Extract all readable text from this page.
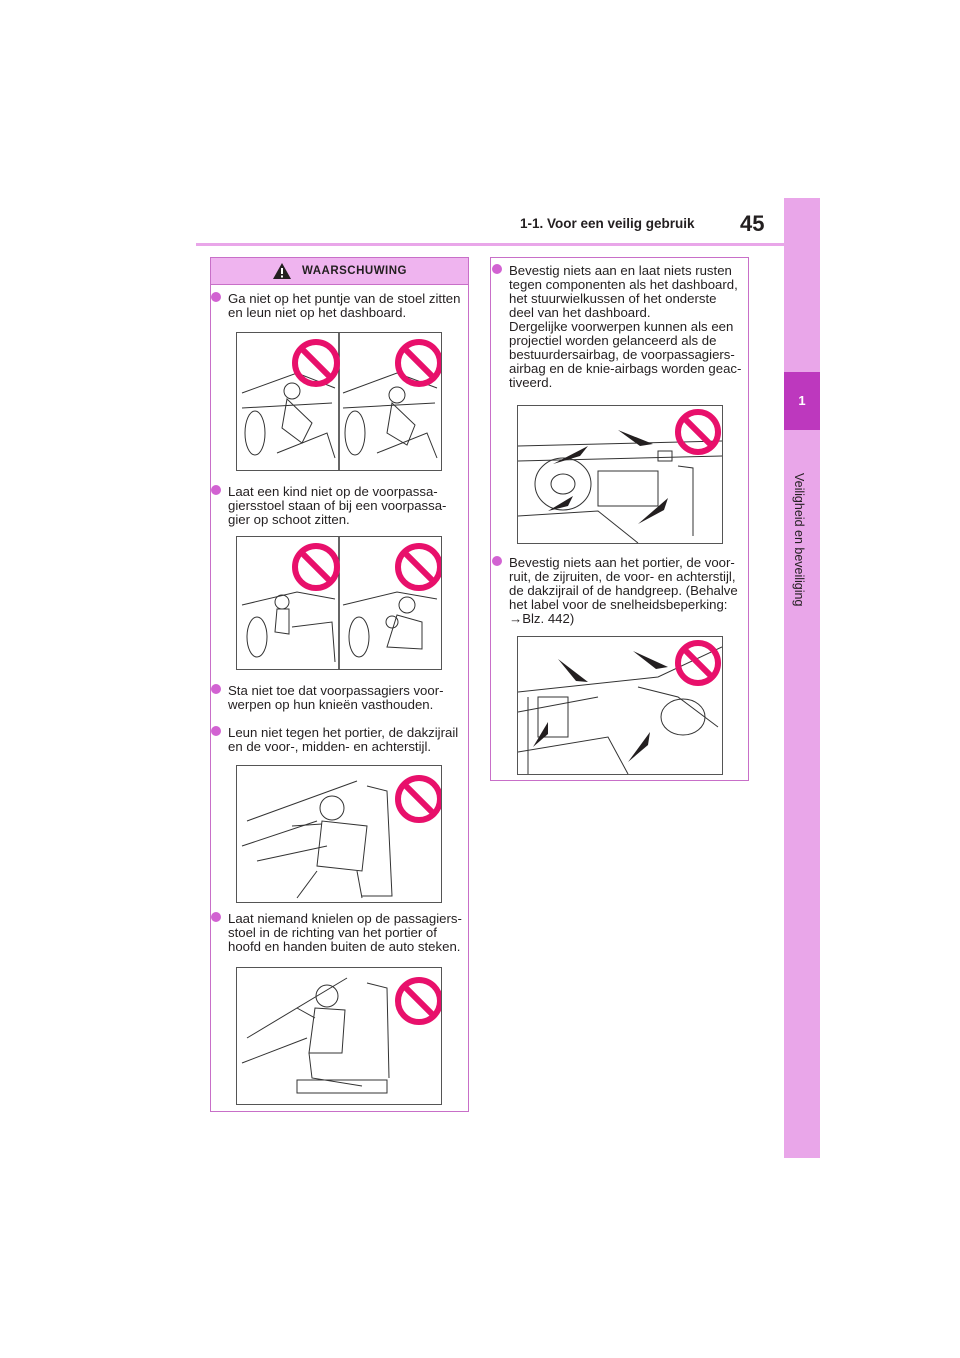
1-1. Voor een veilig gebruik 45
1
Veiligheid en beveiliging
WAARSCHUWING
Ga niet op het puntje van de stoel zitten
en leun niet op het dashboard.
Laat een kind niet op de voorpassa-
giersstoel staan of bij een voorpassa-
gier op schoot zitten.
Sta niet toe dat voorpassagiers voor-
werpen op hun knieën vasthouden.
Leun niet tegen het portier, de dakzijrail
en de voor-, midden- en achterstijl.
Laat niemand knielen op de passagiers-
stoel in de richting van het portier of
hoofd en handen buiten de auto steken.
Bevestig niets aan en laat niets rusten
tegen componenten als het dashboard,
het stuurwielkussen of het onderste
deel van het dashboard.
Dergelijke voorwerpen kunnen als een
projectiel worden gelanceerd als de
bestuurdersairbag, de voorpassagiers-
airbag en de knie-airbags worden geac-
tiveerd.
Bevestig niets aan het portier, de voor-
ruit, de zijruiten, de voor- en achterstijl,
de dakzijrail of de handgreep. (Behalve
het label voor de snelheidsbeperking:
→Blz. 442)
